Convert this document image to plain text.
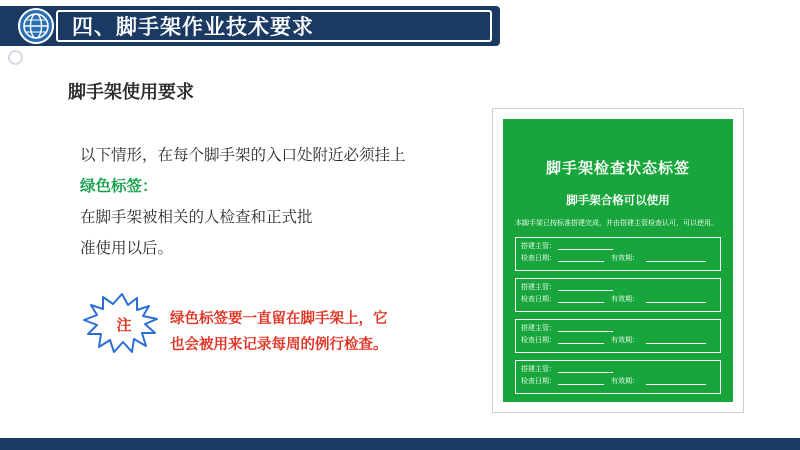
四、脚手架作业技术要求
脚手架使用要求
以下情形，在每个脚手架的入口处附近必须挂上
绿色标签：
在脚手架被相关的人检查和正式批
准使用以后。
注	绿色标签要一直留在脚手架上，它
也会被用来记录每周的例行检查。
脚手架检查状态标签
脚手架合格可以使用
本脚手架已按标准搭建完成，并由搭建主管检查认可，可以使用。
搭建主管：
检查日期：	有效期：
搭建主管：
检查日期：	有效期：
搭建主管：
检查日期：	有效期：
搭建主管：
检查日期：	有效期：
